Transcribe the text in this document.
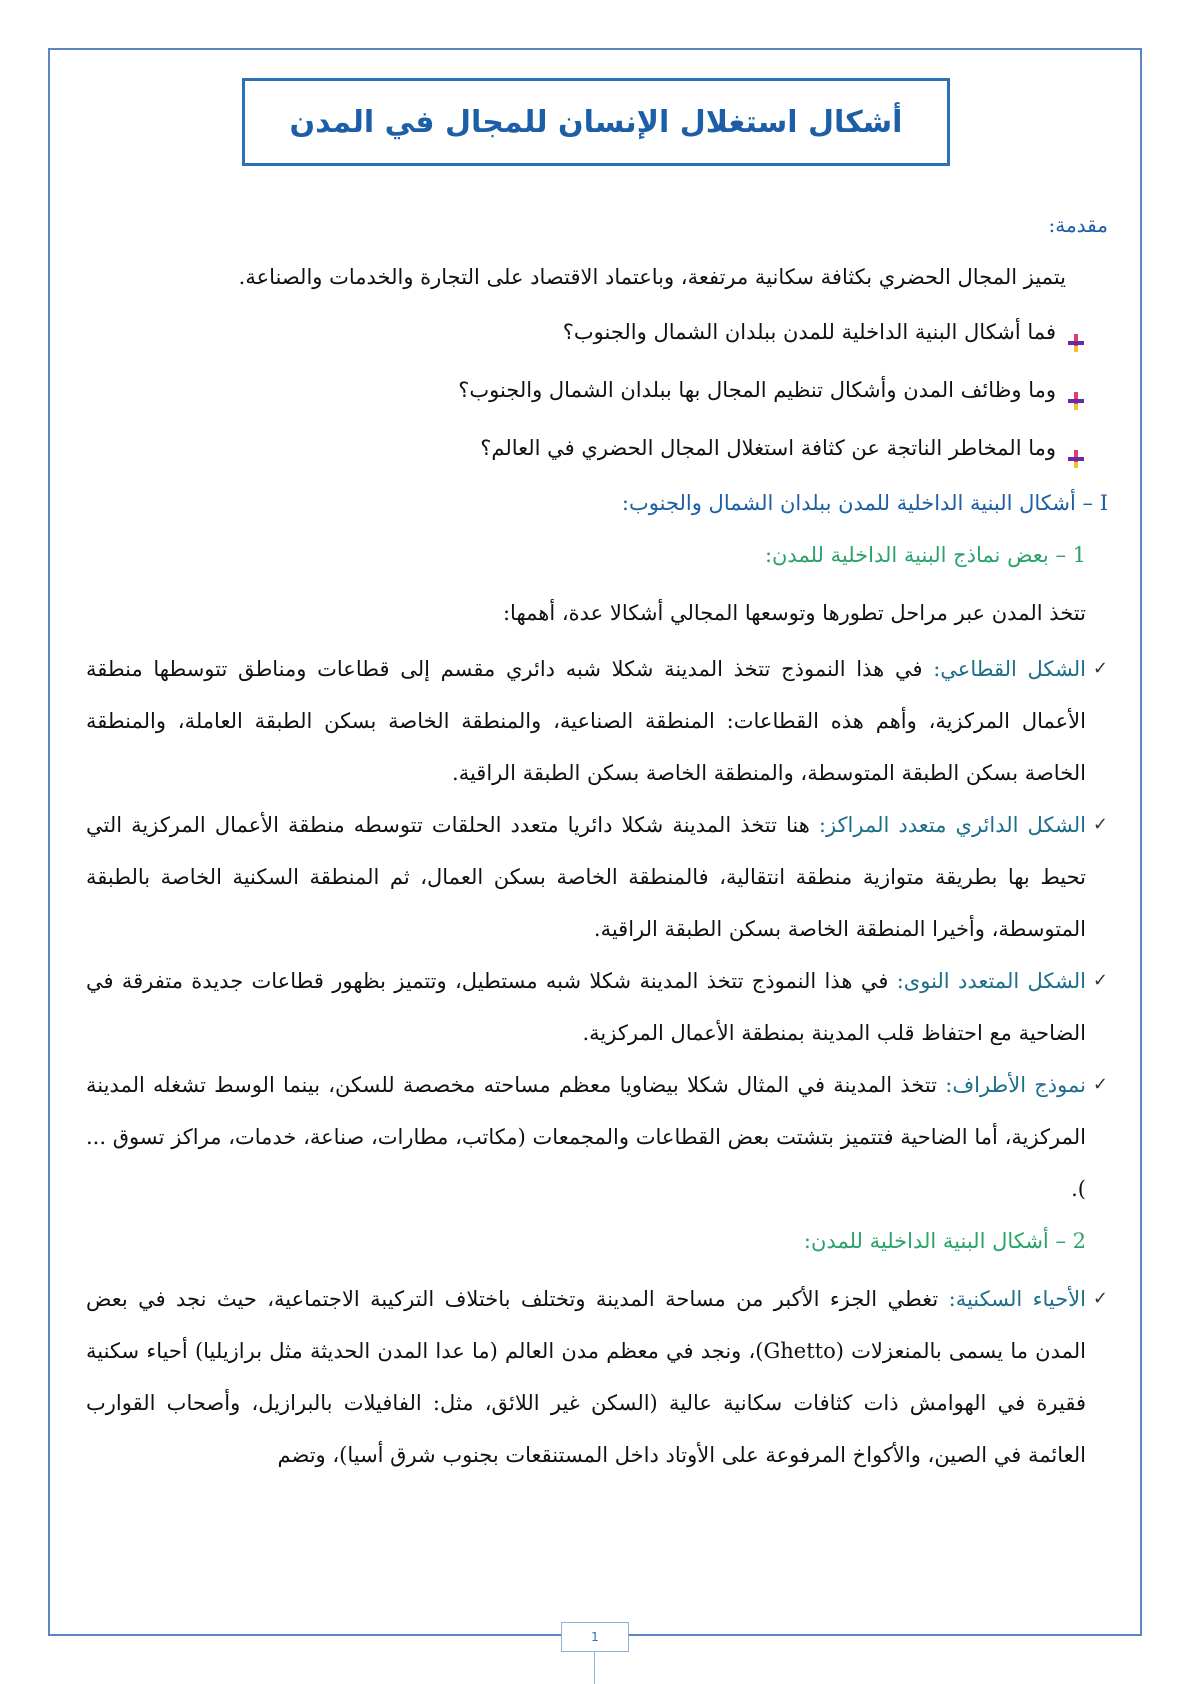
أشكال استغلال الإنسان للمجال في المدن
مقدمة:
يتميز المجال الحضري بكثافة سكانية مرتفعة، وباعتماد الاقتصاد على التجارة والخدمات والصناعة.
فما أشكال البنية الداخلية للمدن ببلدان الشمال والجنوب؟
وما وظائف المدن وأشكال تنظيم المجال بها ببلدان الشمال والجنوب؟
وما المخاطر الناتجة عن كثافة استغلال المجال الحضري في العالم؟
I – أشكال البنية الداخلية للمدن ببلدان الشمال والجنوب:
1 – بعض نماذج البنية الداخلية للمدن:
تتخذ المدن عبر مراحل تطورها وتوسعها المجالي أشكالا عدة، أهمها:
✓
الشكل القطاعي: في هذا النموذج تتخذ المدينة شكلا شبه دائري مقسم إلى قطاعات ومناطق تتوسطها منطقة الأعمال المركزية، وأهم هذه القطاعات: المنطقة الصناعية، والمنطقة الخاصة بسكن الطبقة العاملة، والمنطقة الخاصة بسكن الطبقة المتوسطة، والمنطقة الخاصة بسكن الطبقة الراقية.
✓
الشكل الدائري متعدد المراكز: هنا تتخذ المدينة شكلا دائريا متعدد الحلقات تتوسطه منطقة الأعمال المركزية التي تحيط بها بطريقة متوازية منطقة انتقالية، فالمنطقة الخاصة بسكن العمال، ثم المنطقة السكنية الخاصة بالطبقة المتوسطة، وأخيرا المنطقة الخاصة بسكن الطبقة الراقية.
✓
الشكل المتعدد النوى: في هذا النموذج تتخذ المدينة شكلا شبه مستطيل، وتتميز بظهور قطاعات جديدة متفرقة في الضاحية مع احتفاظ قلب المدينة بمنطقة الأعمال المركزية.
✓
نموذج الأطراف: تتخذ المدينة في المثال شكلا بيضاويا معظم مساحته مخصصة للسكن، بينما الوسط تشغله المدينة المركزية، أما الضاحية فتتميز بتشتت بعض القطاعات والمجمعات (مكاتب، مطارات، صناعة، خدمات، مراكز تسوق ... ).
2 – أشكال البنية الداخلية للمدن:
✓
الأحياء السكنية: تغطي الجزء الأكبر من مساحة المدينة وتختلف باختلاف التركيبة الاجتماعية، حيث نجد في بعض المدن ما يسمى بالمنعزلات (Ghetto)، ونجد في معظم مدن العالم (ما عدا المدن الحديثة مثل برازيليا) أحياء سكنية فقيرة في الهوامش ذات كثافات سكانية عالية (السكن غير اللائق، مثل: الفافيلات بالبرازيل، وأصحاب القوارب العائمة في الصين، والأكواخ المرفوعة على الأوتاد داخل المستنقعات بجنوب شرق أسيا)، وتضم
1
